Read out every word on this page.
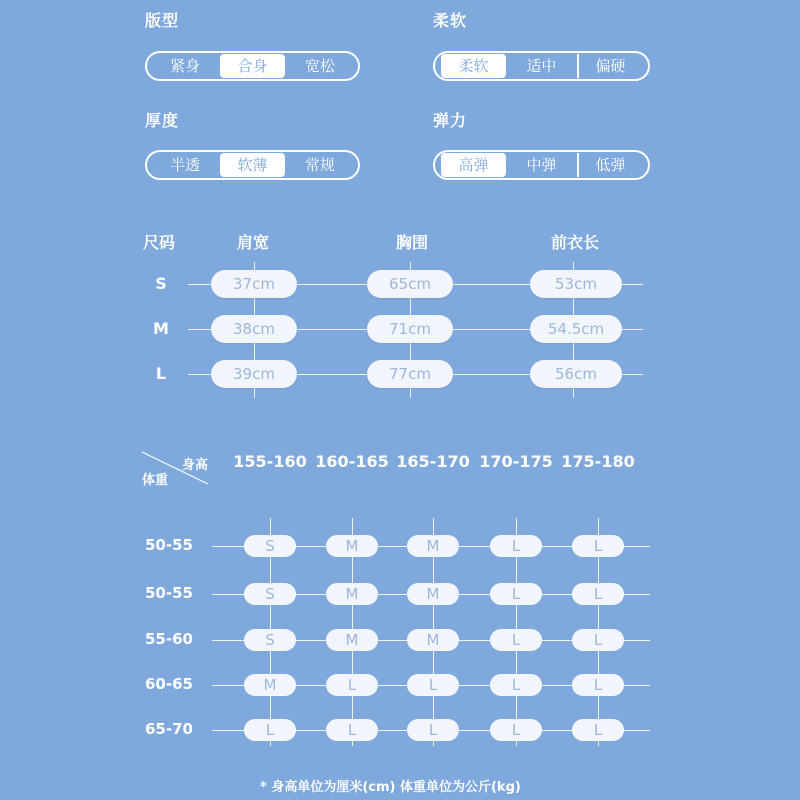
版型
紧身	合身	宽松
柔软
柔软	适中	偏硬
厚度
半透	软薄	常规
弹力
高弹	中弹	低弹
尺码	肩宽	胸围	前衣长
S	37cm	65cm	53cm
M	38cm	71cm	54.5cm
L	39cm	77cm	56cm
身高
体重
155-160 160-165 165-170 170-175 175-180
50-55	S	M	M	L	L
50-55	S	M	M	L	L
55-60	S	M	M	L	L
60-65	M	L	L	L	L
65-70	L	L	L	L	L
* 身高单位为厘米(cm) 体重单位为公斤(kg)
